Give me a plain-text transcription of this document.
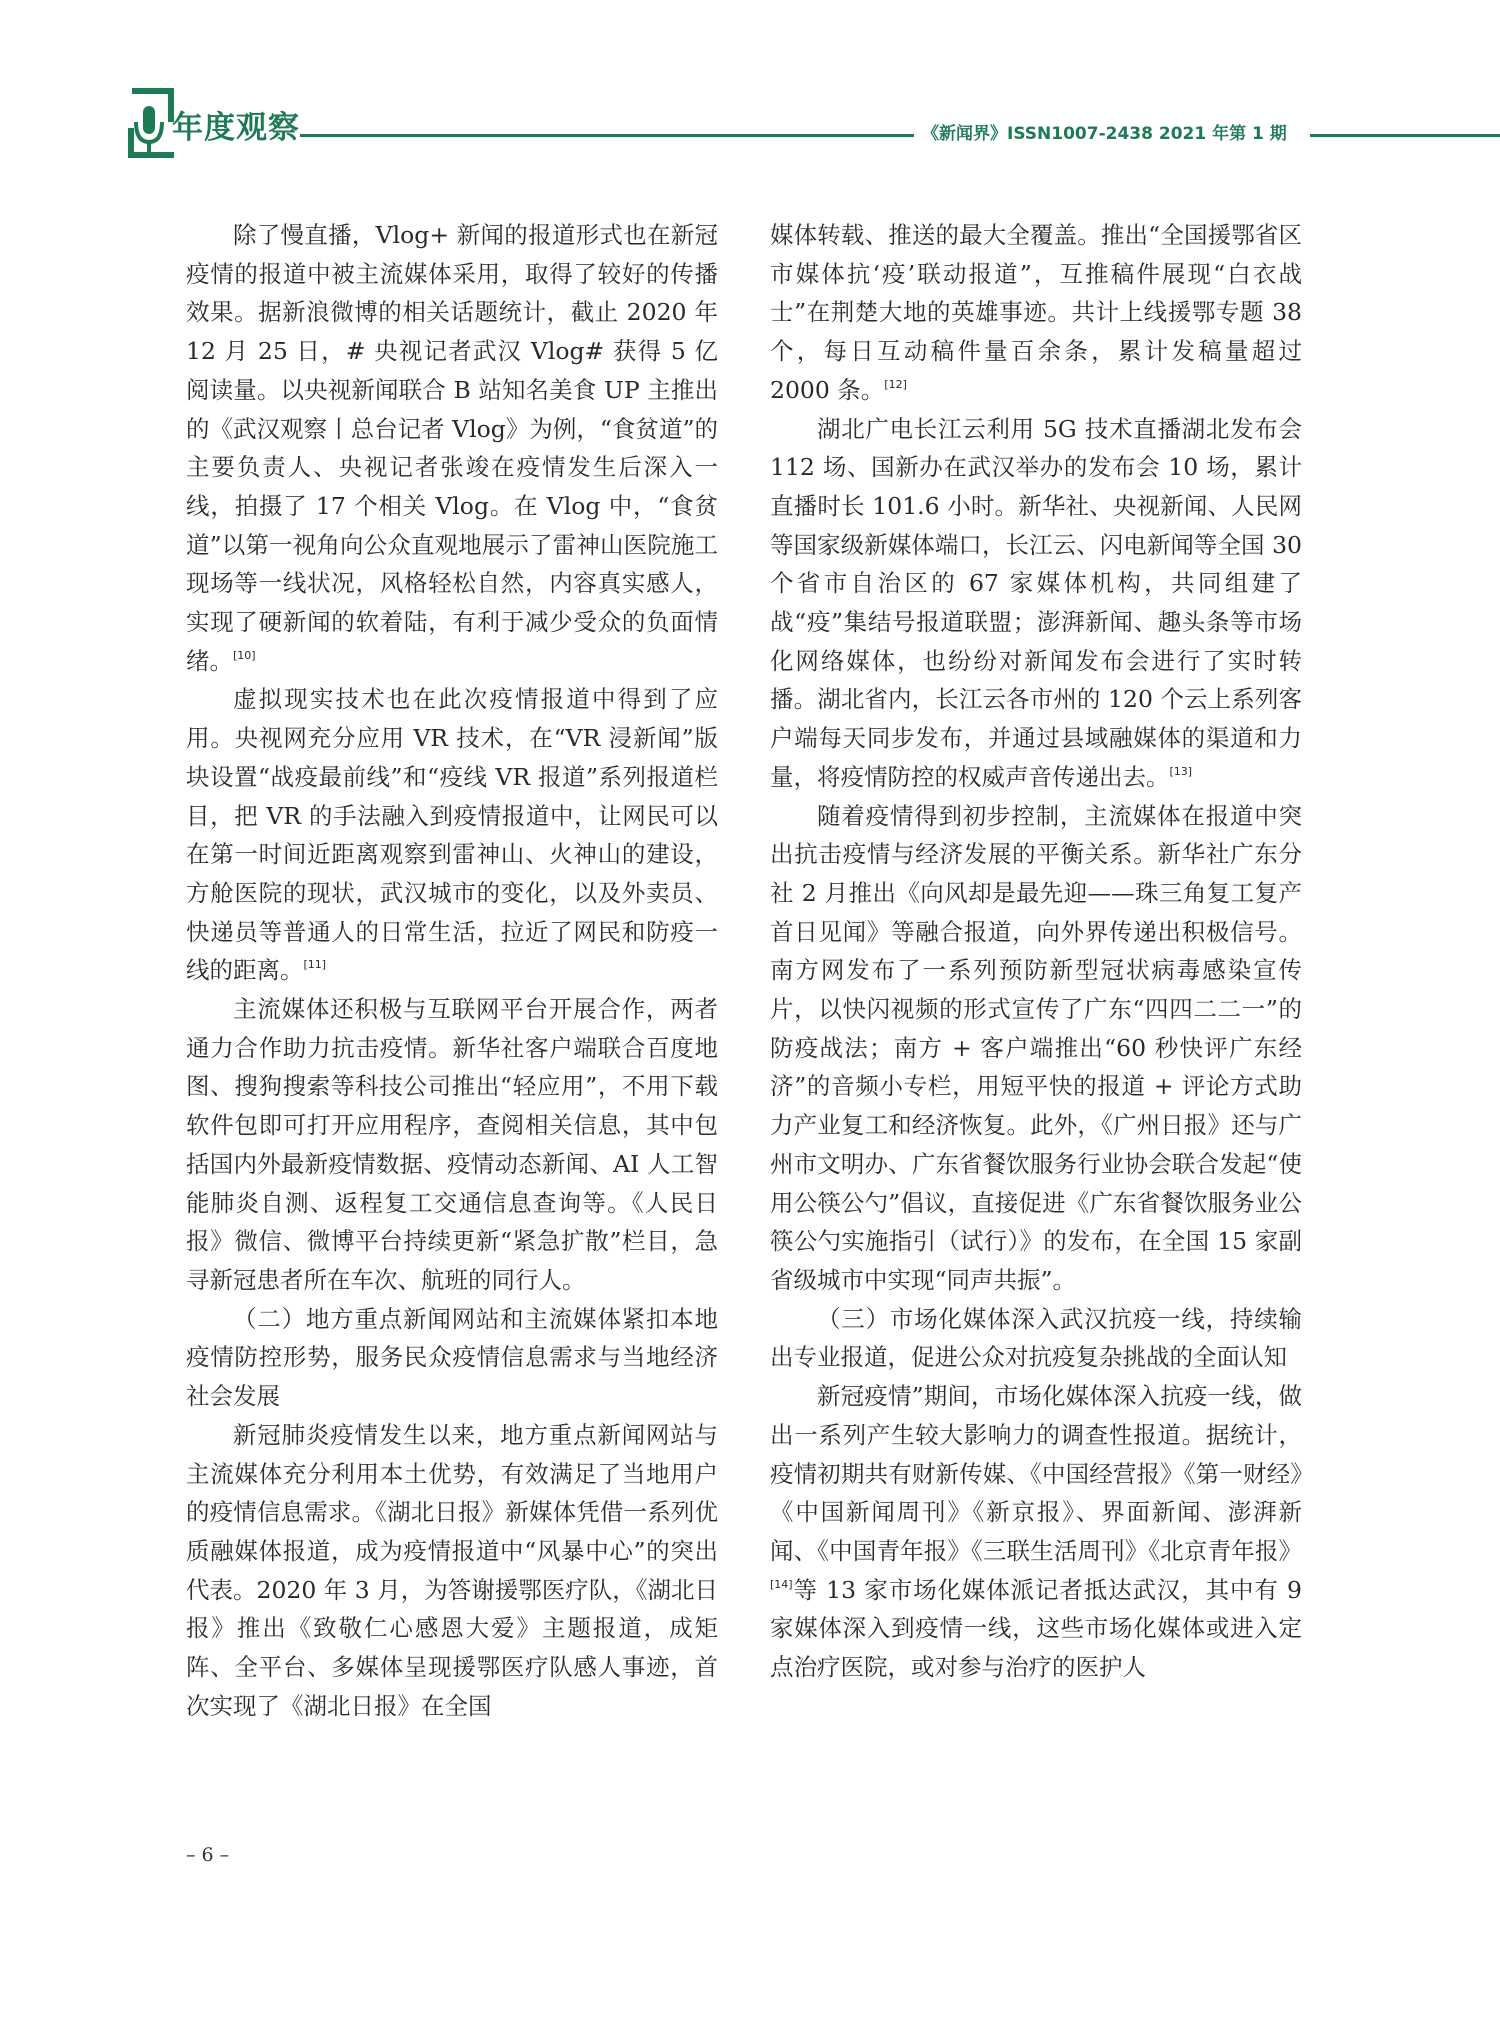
年度观察	《新闻界》ISSN1007-2438 2021 年第 1 期

除了慢直播，Vlog+ 新闻的报道形式也在新冠疫情的报道中被主流媒体采用，取得了较好的传播效果。据新浪微博的相关话题统计，截止 2020 年 12 月 25 日，# 央视记者武汉 Vlog# 获得 5 亿阅读量。以央视新闻联合 B 站知名美食 UP 主推出的《武汉观察丨总台记者 Vlog》为例，“食贫道”的主要负责人、央视记者张竣在疫情发生后深入一线，拍摄了 17 个相关 Vlog。在 Vlog 中，“食贫道”以第一视角向公众直观地展示了雷神山医院施工现场等一线状况，风格轻松自然，内容真实感人，实现了硬新闻的软着陆，有利于减少受众的负面情绪。[10]

虚拟现实技术也在此次疫情报道中得到了应用。央视网充分应用 VR 技术，在“VR 浸新闻”版块设置“战疫最前线”和“疫线 VR 报道”系列报道栏目，把 VR 的手法融入到疫情报道中，让网民可以在第一时间近距离观察到雷神山、火神山的建设，方舱医院的现状，武汉城市的变化，以及外卖员、快递员等普通人的日常生活，拉近了网民和防疫一线的距离。[11]

主流媒体还积极与互联网平台开展合作，两者通力合作助力抗击疫情。新华社客户端联合百度地图、搜狗搜索等科技公司推出“轻应用”，不用下载软件包即可打开应用程序，查阅相关信息，其中包括国内外最新疫情数据、疫情动态新闻、AI 人工智能肺炎自测、返程复工交通信息查询等。《人民日报》微信、微博平台持续更新“紧急扩散”栏目，急寻新冠患者所在车次、航班的同行人。

（二）地方重点新闻网站和主流媒体紧扣本地疫情防控形势，服务民众疫情信息需求与当地经济社会发展

新冠肺炎疫情发生以来，地方重点新闻网站与主流媒体充分利用本土优势，有效满足了当地用户的疫情信息需求。《湖北日报》新媒体凭借一系列优质融媒体报道，成为疫情报道中“风暴中心”的突出代表。2020 年 3 月，为答谢援鄂医疗队，《湖北日报》推出《致敬仁心感恩大爱》主题报道，成矩阵、全平台、多媒体呈现援鄂医疗队感人事迹，首次实现了《湖北日报》在全国

媒体转载、推送的最大全覆盖。推出“全国援鄂省区市媒体抗‘疫’联动报道”，互推稿件展现“白衣战士”在荆楚大地的英雄事迹。共计上线援鄂专题 38 个，每日互动稿件量百余条，累计发稿量超过 2000 条。[12]

湖北广电长江云利用 5G 技术直播湖北发布会 112 场、国新办在武汉举办的发布会 10 场，累计直播时长 101.6 小时。新华社、央视新闻、人民网等国家级新媒体端口，长江云、闪电新闻等全国 30 个省市自治区的 67 家媒体机构，共同组建了战“疫”集结号报道联盟；澎湃新闻、趣头条等市场化网络媒体，也纷纷对新闻发布会进行了实时转播。湖北省内，长江云各市州的 120 个云上系列客户端每天同步发布，并通过县域融媒体的渠道和力量，将疫情防控的权威声音传递出去。[13]

随着疫情得到初步控制，主流媒体在报道中突出抗击疫情与经济发展的平衡关系。新华社广东分社 2 月推出《向风却是最先迎——珠三角复工复产首日见闻》等融合报道，向外界传递出积极信号。南方网发布了一系列预防新型冠状病毒感染宣传片，以快闪视频的形式宣传了广东“四四二二一”的防疫战法；南方 + 客户端推出“60 秒快评广东经济”的音频小专栏，用短平快的报道 + 评论方式助力产业复工和经济恢复。此外，《广州日报》还与广州市文明办、广东省餐饮服务行业协会联合发起“使用公筷公勺”倡议，直接促进《广东省餐饮服务业公筷公勺实施指引（试行）》的发布，在全国 15 家副省级城市中实现“同声共振”。

（三）市场化媒体深入武汉抗疫一线，持续输出专业报道，促进公众对抗疫复杂挑战的全面认知

新冠疫情”期间，市场化媒体深入抗疫一线，做出一系列产生较大影响力的调查性报道。据统计，疫情初期共有财新传媒、《中国经营报》《第一财经》《中国新闻周刊》《新京报》、界面新闻、澎湃新闻、《中国青年报》《三联生活周刊》《北京青年报》[14]等 13 家市场化媒体派记者抵达武汉，其中有 9 家媒体深入到疫情一线，这些市场化媒体或进入定点治疗医院，或对参与治疗的医护人

– 6 –
